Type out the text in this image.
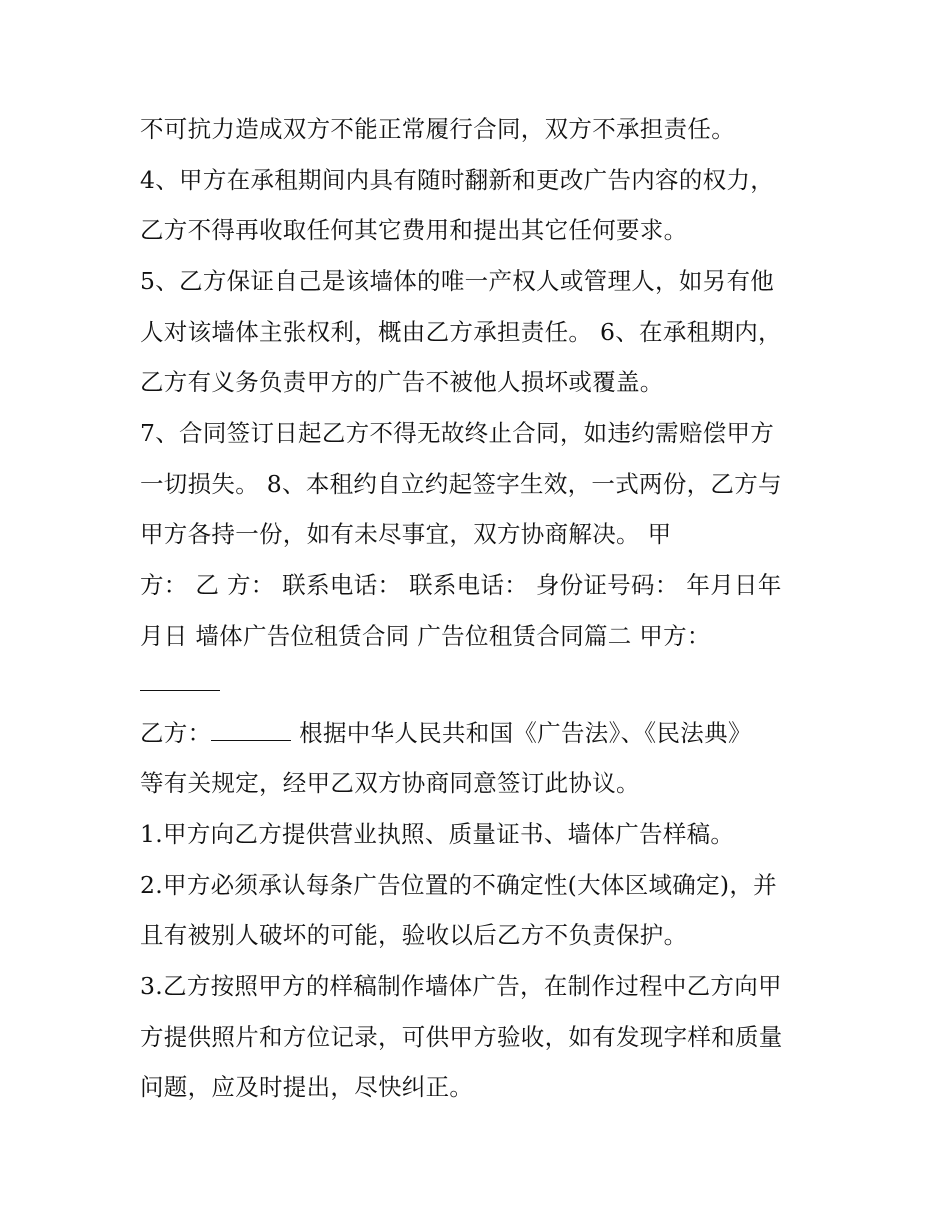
不可抗力造成双方不能正常履行合同，双方不承担责任。
4、甲方在承租期间内具有随时翻新和更改广告内容的权力，
乙方不得再收取任何其它费用和提出其它任何要求。
5、乙方保证自己是该墙体的唯一产权人或管理人，如另有他
人对该墙体主张权利，概由乙方承担责任。 6、在承租期内，
乙方有义务负责甲方的广告不被他人损坏或覆盖。
7、合同签订日起乙方不得无故终止合同，如违约需赔偿甲方
一切损失。 8、本租约自立约起签字生效，一式两份，乙方与
甲方各持一份，如有未尽事宜，双方协商解决。 甲
方： 乙 方： 联系电话： 联系电话： 身份证号码： 年月日年
月日 墙体广告位租赁合同 广告位租赁合同篇二 甲方：
乙方：	根据中华人民共和国《广告法》、《民法典》
等有关规定，经甲乙双方协商同意签订此协议。
1.甲方向乙方提供营业执照、质量证书、墙体广告样稿。
2.甲方必须承认每条广告位置的不确定性(大体区域确定)，并
且有被别人破坏的可能，验收以后乙方不负责保护。
3.乙方按照甲方的样稿制作墙体广告，在制作过程中乙方向甲
方提供照片和方位记录，可供甲方验收，如有发现字样和质量
问题，应及时提出，尽快纠正。
